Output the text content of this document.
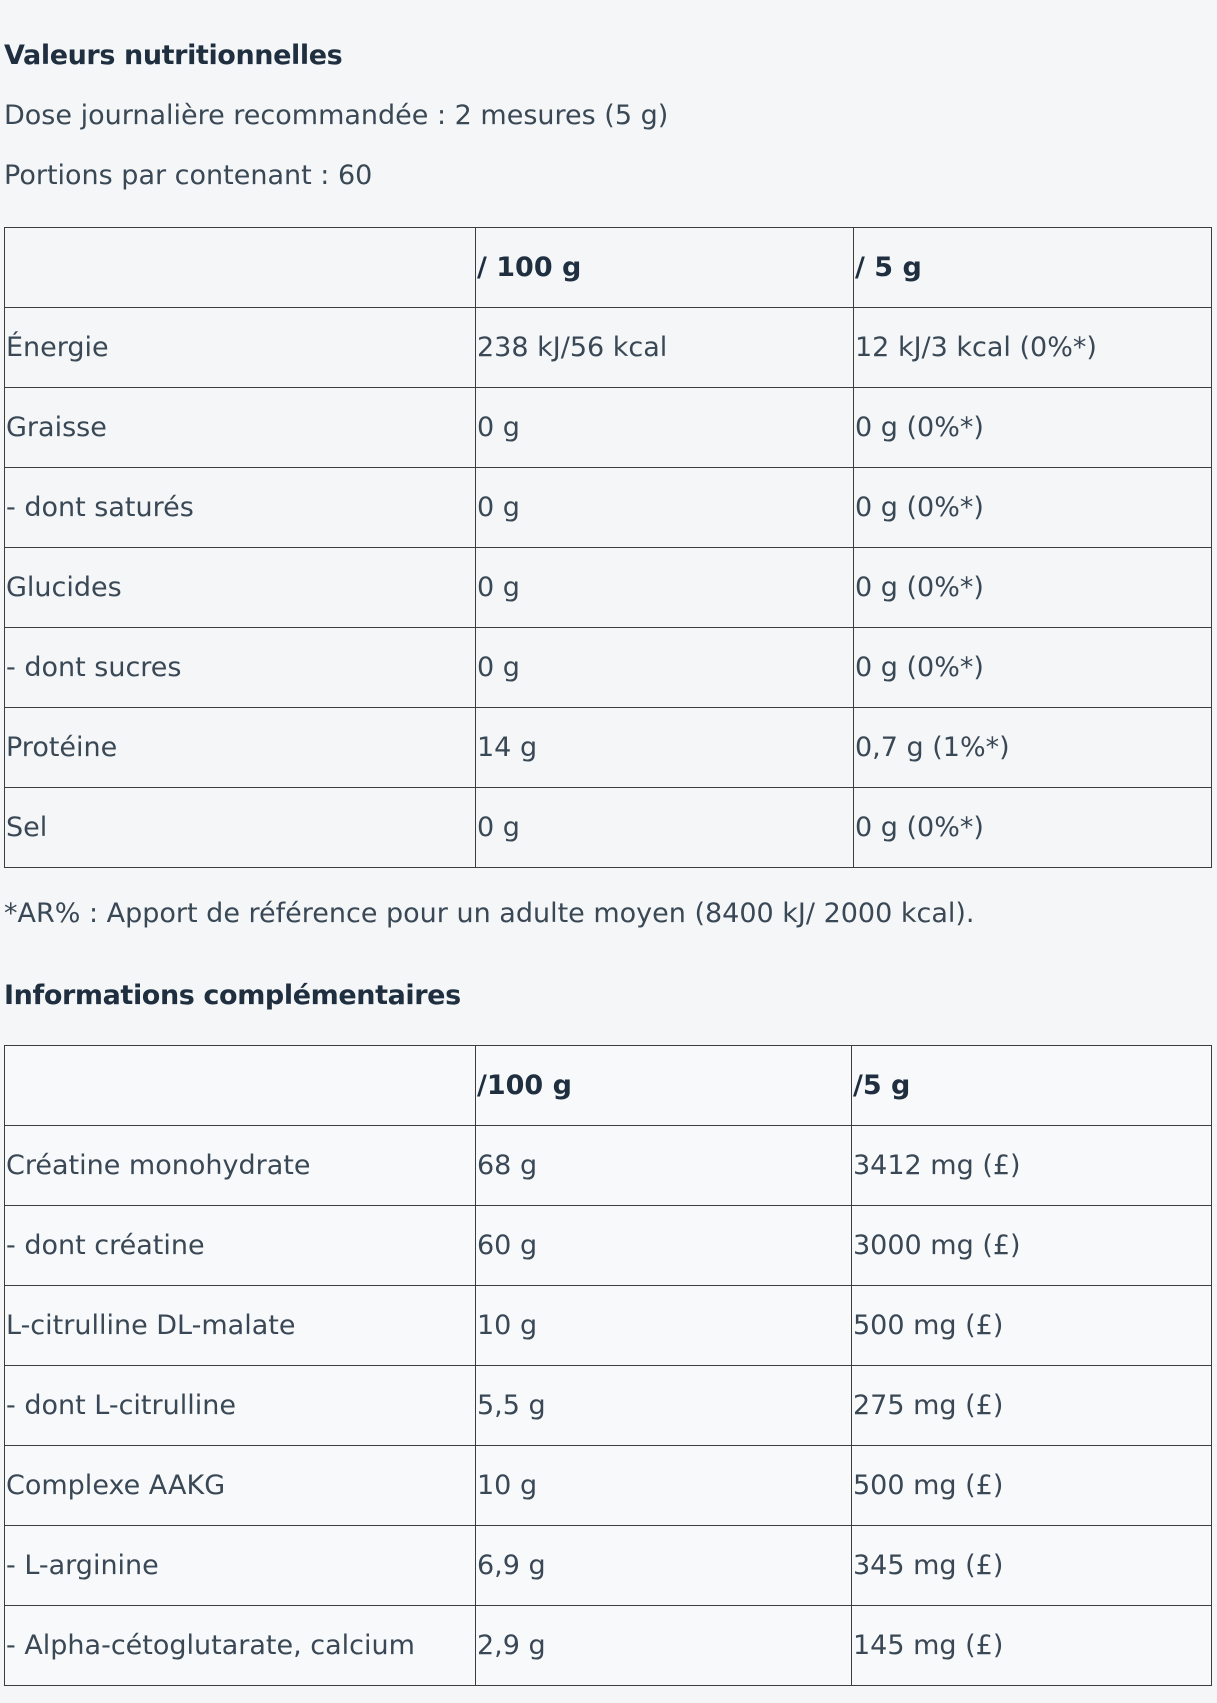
Valeurs nutritionnelles

Dose journalière recommandée : 2 mesures (5 g)

Portions par contenant : 60

	/ 100 g	/ 5 g
Énergie	238 kJ/56 kcal	12 kJ/3 kcal (0%*)
Graisse	0 g	0 g (0%*)
- dont saturés	0 g	0 g (0%*)
Glucides	0 g	0 g (0%*)
- dont sucres	0 g	0 g (0%*)
Protéine	14 g	0,7 g (1%*)
Sel	0 g	0 g (0%*)

*AR% : Apport de référence pour un adulte moyen (8400 kJ/ 2000 kcal).

Informations complémentaires
	/100 g	/5 g
Créatine monohydrate	68 g	3412 mg (£)
- dont créatine	60 g	3000 mg (£)
L-citrulline DL-malate	10 g	500 mg (£)
- dont L-citrulline	5,5 g	275 mg (£)
Complexe AAKG	10 g	500 mg (£)
- L-arginine	6,9 g	345 mg (£)
- Alpha-cétoglutarate, calcium	2,9 g	145 mg (£)
